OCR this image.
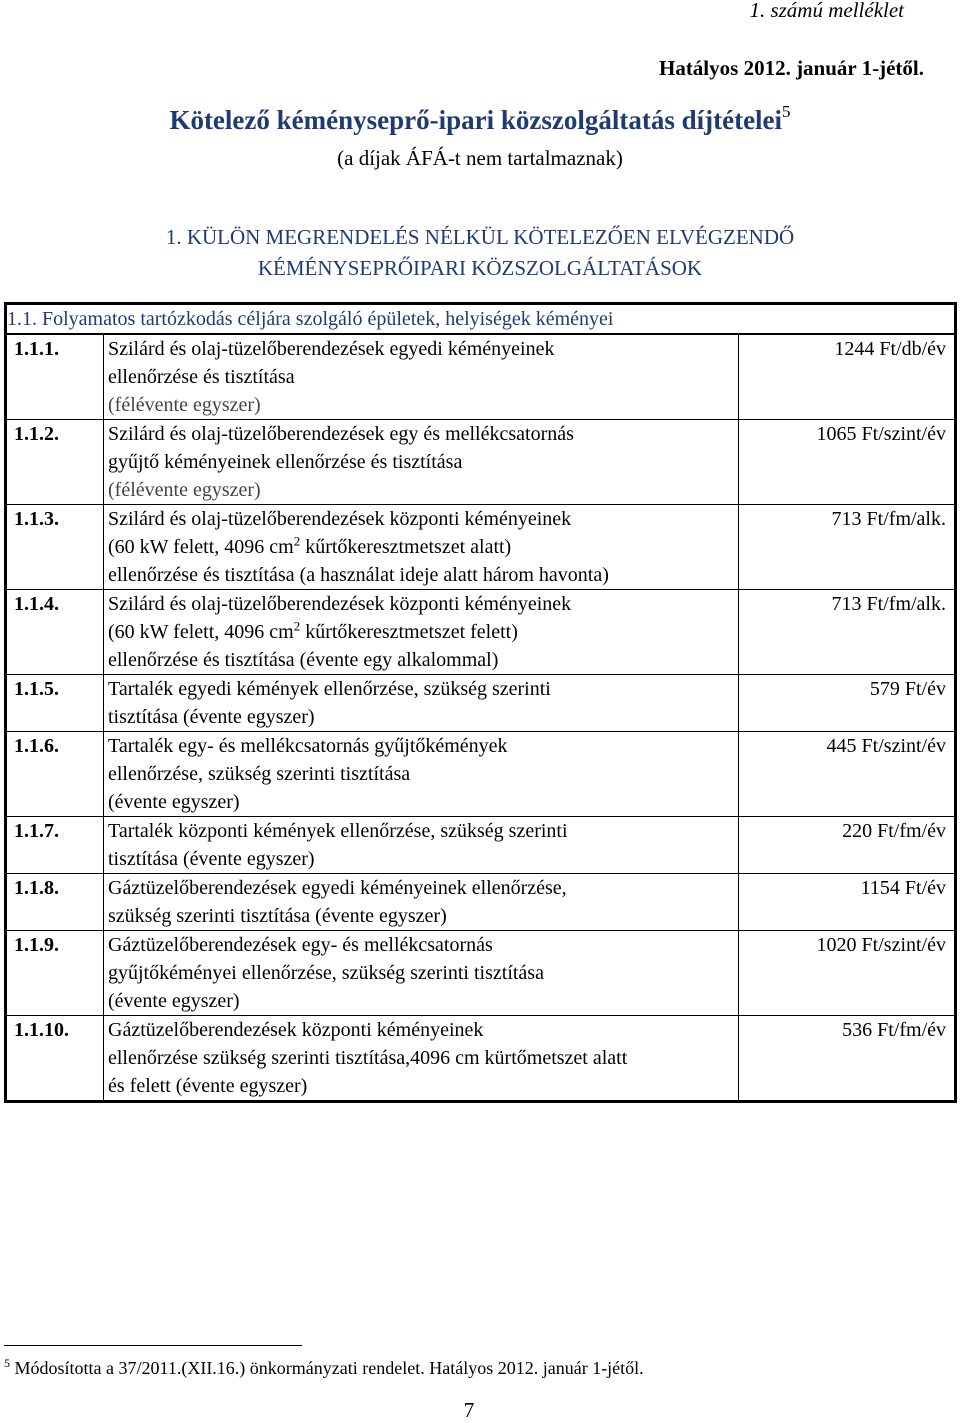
1. számú melléklet
Hatályos 2012. január 1-jétől.
Kötelező kéményseprő-ipari közszolgáltatás díjtételei$^5$
(a díjak ÁFÁ-t nem tartalmaznak)
1. KÜLÖN MEGRENDELÉS NÉLKÜL KÖTELEZŐEN ELVÉGZENDŐ
KÉMÉNYSEPRŐIPARI KÖZSZOLGÁLTATÁSOK
1.1. Folyamatos tartózkodás céljára szolgáló épületek, helyiségek kéményei		
1.1.1.	Szilárd és olaj-tüzelőberendezések egyedi kéményeinek
ellenőrzése és tisztítása
(félévente egyszer)	1244 Ft/db/év
1.1.2.	Szilárd és olaj-tüzelőberendezések egy és mellékcsatornás
gyűjtő kéményeinek ellenőrzése és tisztítása
(félévente egyszer)	1065 Ft/szint/év
1.1.3.	Szilárd és olaj-tüzelőberendezések központi kéményeinek
(60 kW felett, 4096 $cm^2$ kűrtőkeresztmetszet alatt)
ellenőrzése és tisztítása (a használat ideje alatt három havonta)	713 Ft/fm/alk.
1.1.4.	Szilárd és olaj-tüzelőberendezések központi kéményeinek
(60 kW felett, 4096 $cm^2$ kűrtőkeresztmetszet felett)
ellenőrzése és tisztítása (évente egy alkalommal)	713 Ft/fm/alk.
1.1.5.	Tartalék egyedi kémények ellenőrzése, szükség szerinti
tisztítása (évente egyszer)	579 Ft/év
1.1.6.	Tartalék egy- és mellékcsatornás gyűjtőkémények
ellenőrzése, szükség szerinti tisztítása
(évente egyszer)	445 Ft/szint/év
1.1.7.	Tartalék központi kémények ellenőrzése, szükség szerinti
tisztítása (évente egyszer)	220 Ft/fm/év
1.1.8.	Gáztüzelőberendezések egyedi kéményeinek ellenőrzése,
szükség szerinti tisztítása (évente egyszer)	1154 Ft/év
1.1.9.	Gáztüzelőberendezések egy- és mellékcsatornás
gyűjtőkéményei ellenőrzése, szükség szerinti tisztítása
(évente egyszer)	1020 Ft/szint/év
1.1.10.	Gáztüzelőberendezések központi kéményeinek
ellenőrzése szükség szerinti tisztítása,4096 cm kürtőmetszet alatt
és felett (évente egyszer)	536 Ft/fm/év
$^5$ Módosította a 37/2011.(XII.16.) önkormányzati rendelet. Hatályos 2012. január 1-jétől.
7
